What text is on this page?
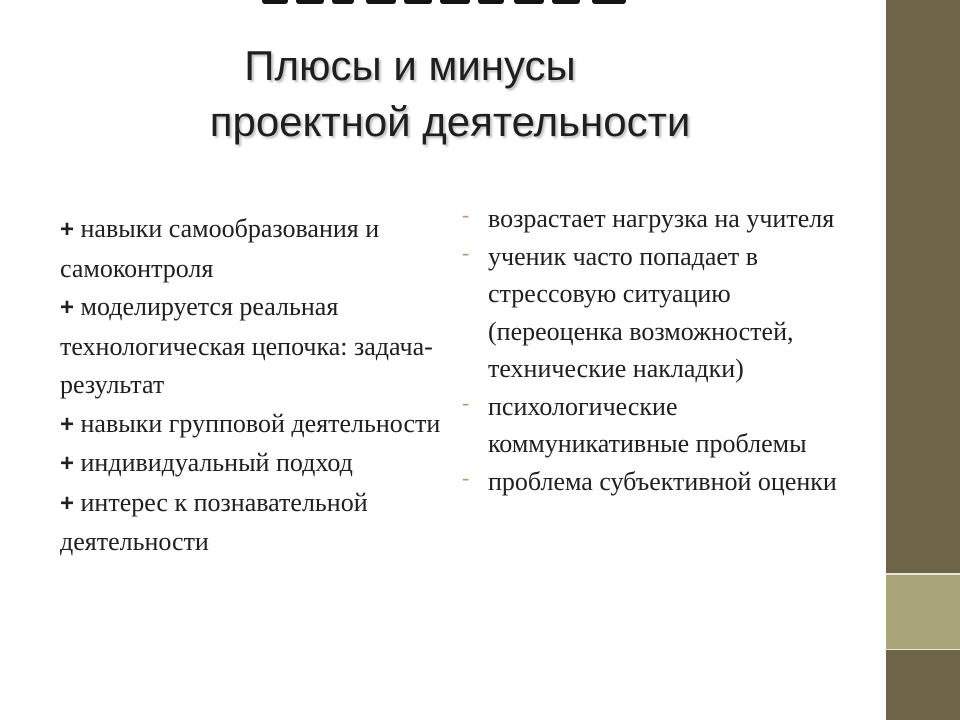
Плюсы и минусы
проектной деятельности
+ навыки самообразования и самоконтроля
+ моделируется реальная технологическая цепочка: задача-результат
+ навыки групповой деятельности
+ индивидуальный подход
+ интерес к познавательной деятельности
- возрастает нагрузка на учителя
- ученик часто попадает в стрессовую ситуацию (переоценка возможностей, технические накладки)
- психологические коммуникативные проблемы
- проблема субъективной оценки
